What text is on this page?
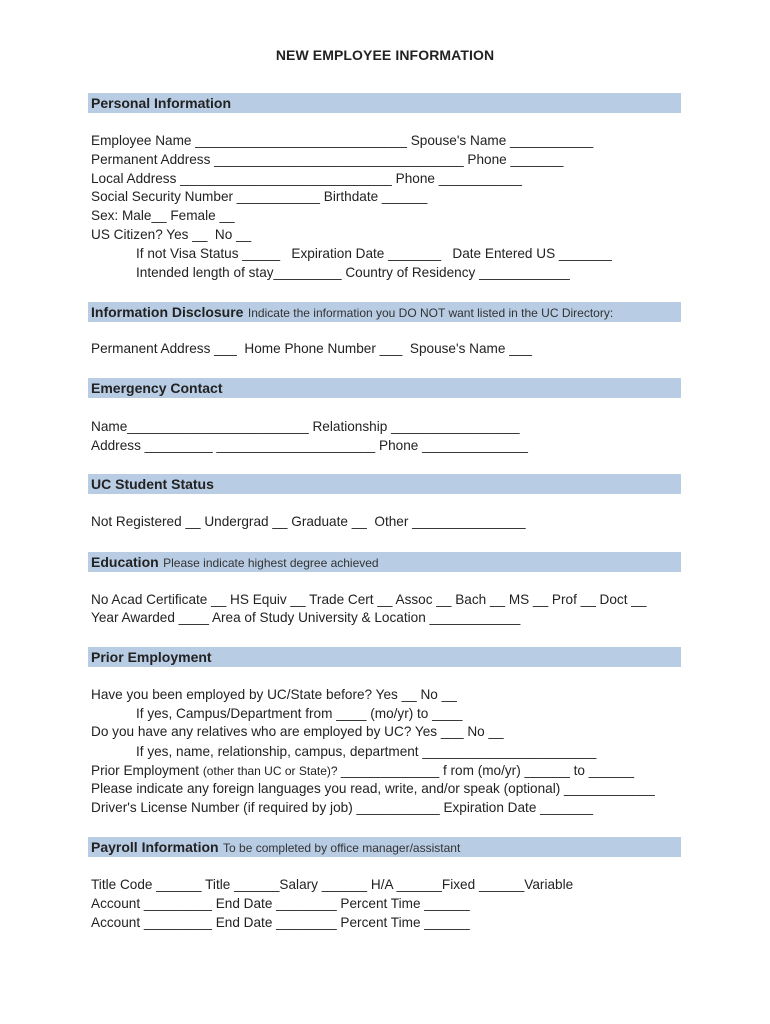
NEW EMPLOYEE INFORMATION
Personal Information
Employee Name ____________________________ Spouse's Name ___________
Permanent Address _________________________________ Phone _______
Local Address ____________________________ Phone ___________
Social Security Number ___________ Birthdate ______
Sex: Male__ Female __
US Citizen? Yes __  No __
If not Visa Status _____   Expiration Date _______   Date Entered US _______
Intended length of stay_________ Country of Residency ____________
Information Disclosure Indicate the information you DO NOT want listed in the UC Directory:
Permanent Address ___  Home Phone Number ___  Spouse's Name ___
Emergency Contact
Name________________________ Relationship _________________
Address _________ _____________________ Phone ______________
UC Student Status
Not Registered __ Undergrad __ Graduate __  Other _______________
Education Please indicate highest degree achieved
No Acad Certificate __ HS Equiv __ Trade Cert __ Assoc __ Bach __ MS __ Prof __ Doct __
Year Awarded ____ Area of Study University & Location ____________
Prior Employment
Have you been employed by UC/State before? Yes __ No __
If yes, Campus/Department from ____ (mo/yr) to ____
Do you have any relatives who are employed by UC? Yes ___ No __
If yes, name, relationship, campus, department _______________________
Prior Employment (other than UC or State)? _____________ f rom (mo/yr) ______ to ______
Please indicate any foreign languages you read, write, and/or speak (optional) ____________
Driver's License Number (if required by job) ___________ Expiration Date _______
Payroll Information To be completed by office manager/assistant
Title Code ______ Title ______Salary ______ H/A ______Fixed ______Variable
Account _________ End Date ________ Percent Time ______
Account _________ End Date ________ Percent Time ______
